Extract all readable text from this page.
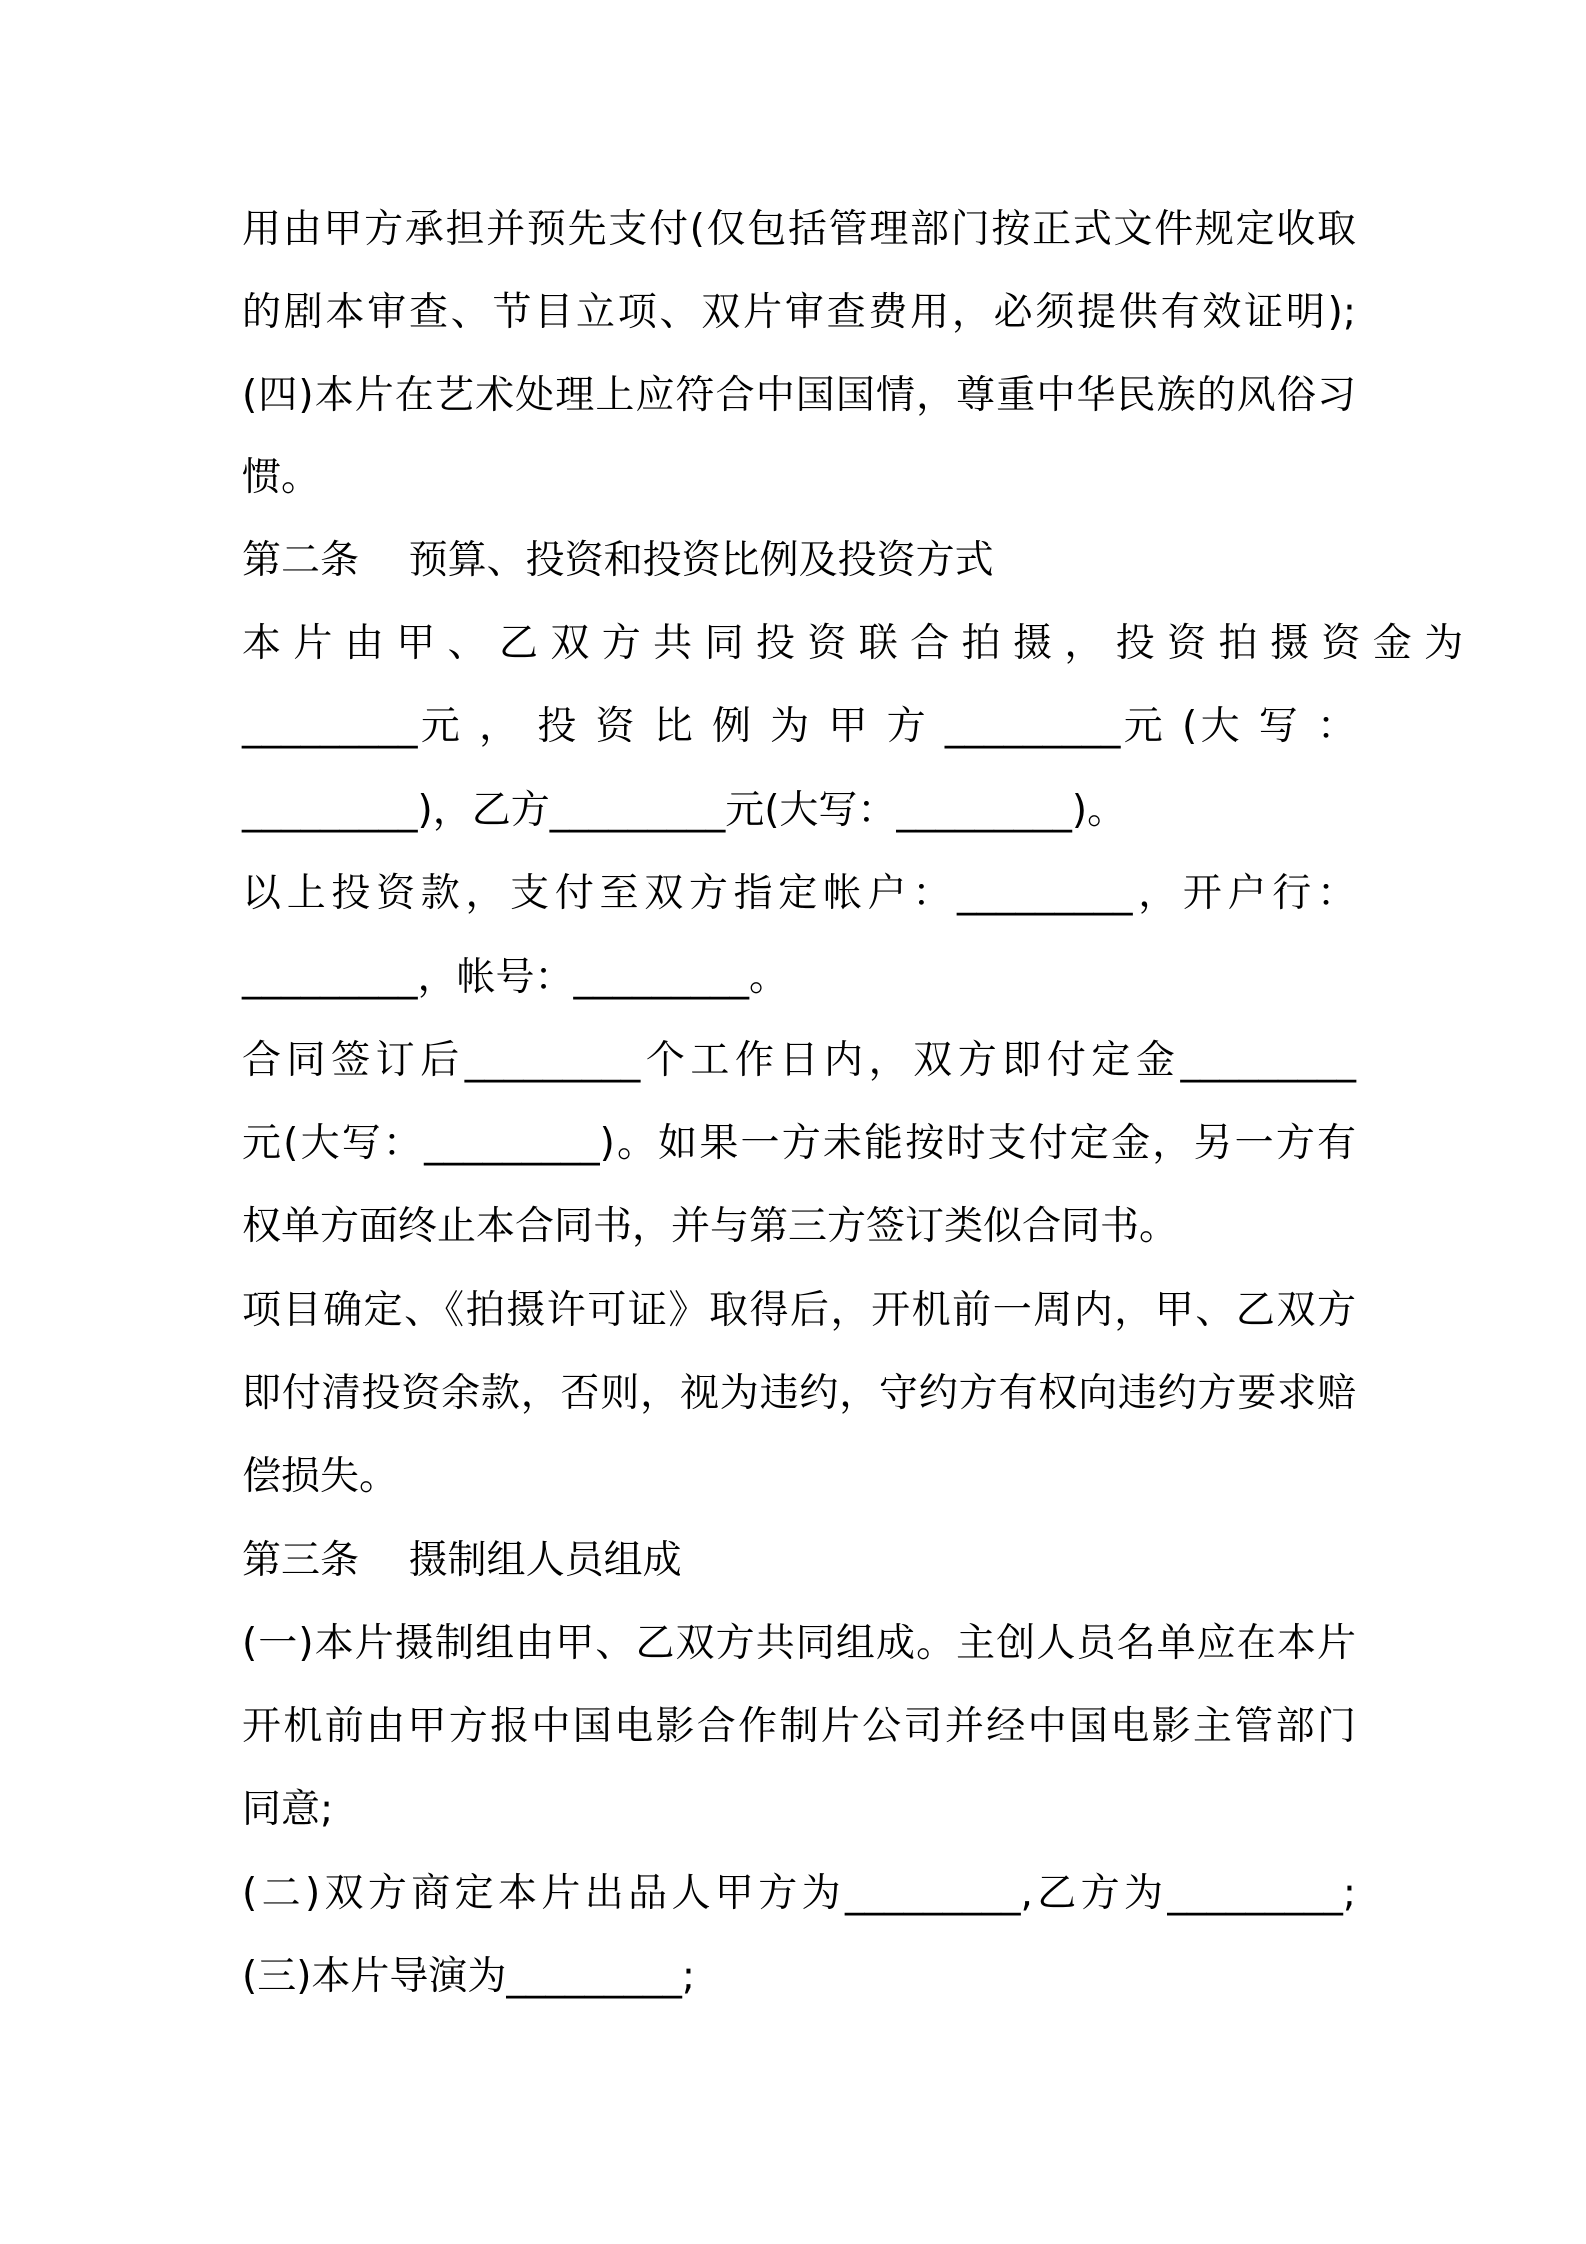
用由甲方承担并预先支付(仅包括管理部门按正式文件规定收取
的剧本审查、节目立项、双片审查费用，必须提供有效证明);
(四)本片在艺术处理上应符合中国国情，尊重中华民族的风俗习
惯。
第二条    预算、投资和投资比例及投资方式
本 片 由 甲 、 乙 双 方 共 同 投 资 联 合 拍 摄 ， 投 资 拍 摄 资 金 为
_________元 ， 投 资 比 例 为 甲 方 _________元 (大 写 ：
_________)，乙方_________元(大写：_________)。
以上投资款，支付至双方指定帐户：_________，开户行：
_________，帐号：_________。
合同签订后_________个工作日内，双方即付定金_________
元(大写：_________)。如果一方未能按时支付定金，另一方有
权单方面终止本合同书，并与第三方签订类似合同书。
项目确定、《拍摄许可证》取得后，开机前一周内，甲、乙双方
即付清投资余款，否则，视为违约，守约方有权向违约方要求赔
偿损失。
第三条    摄制组人员组成
(一)本片摄制组由甲、乙双方共同组成。主创人员名单应在本片
开机前由甲方报中国电影合作制片公司并经中国电影主管部门
同意;
(二)双方商定本片出品人甲方为_________,乙方为_________;
(三)本片导演为_________;
